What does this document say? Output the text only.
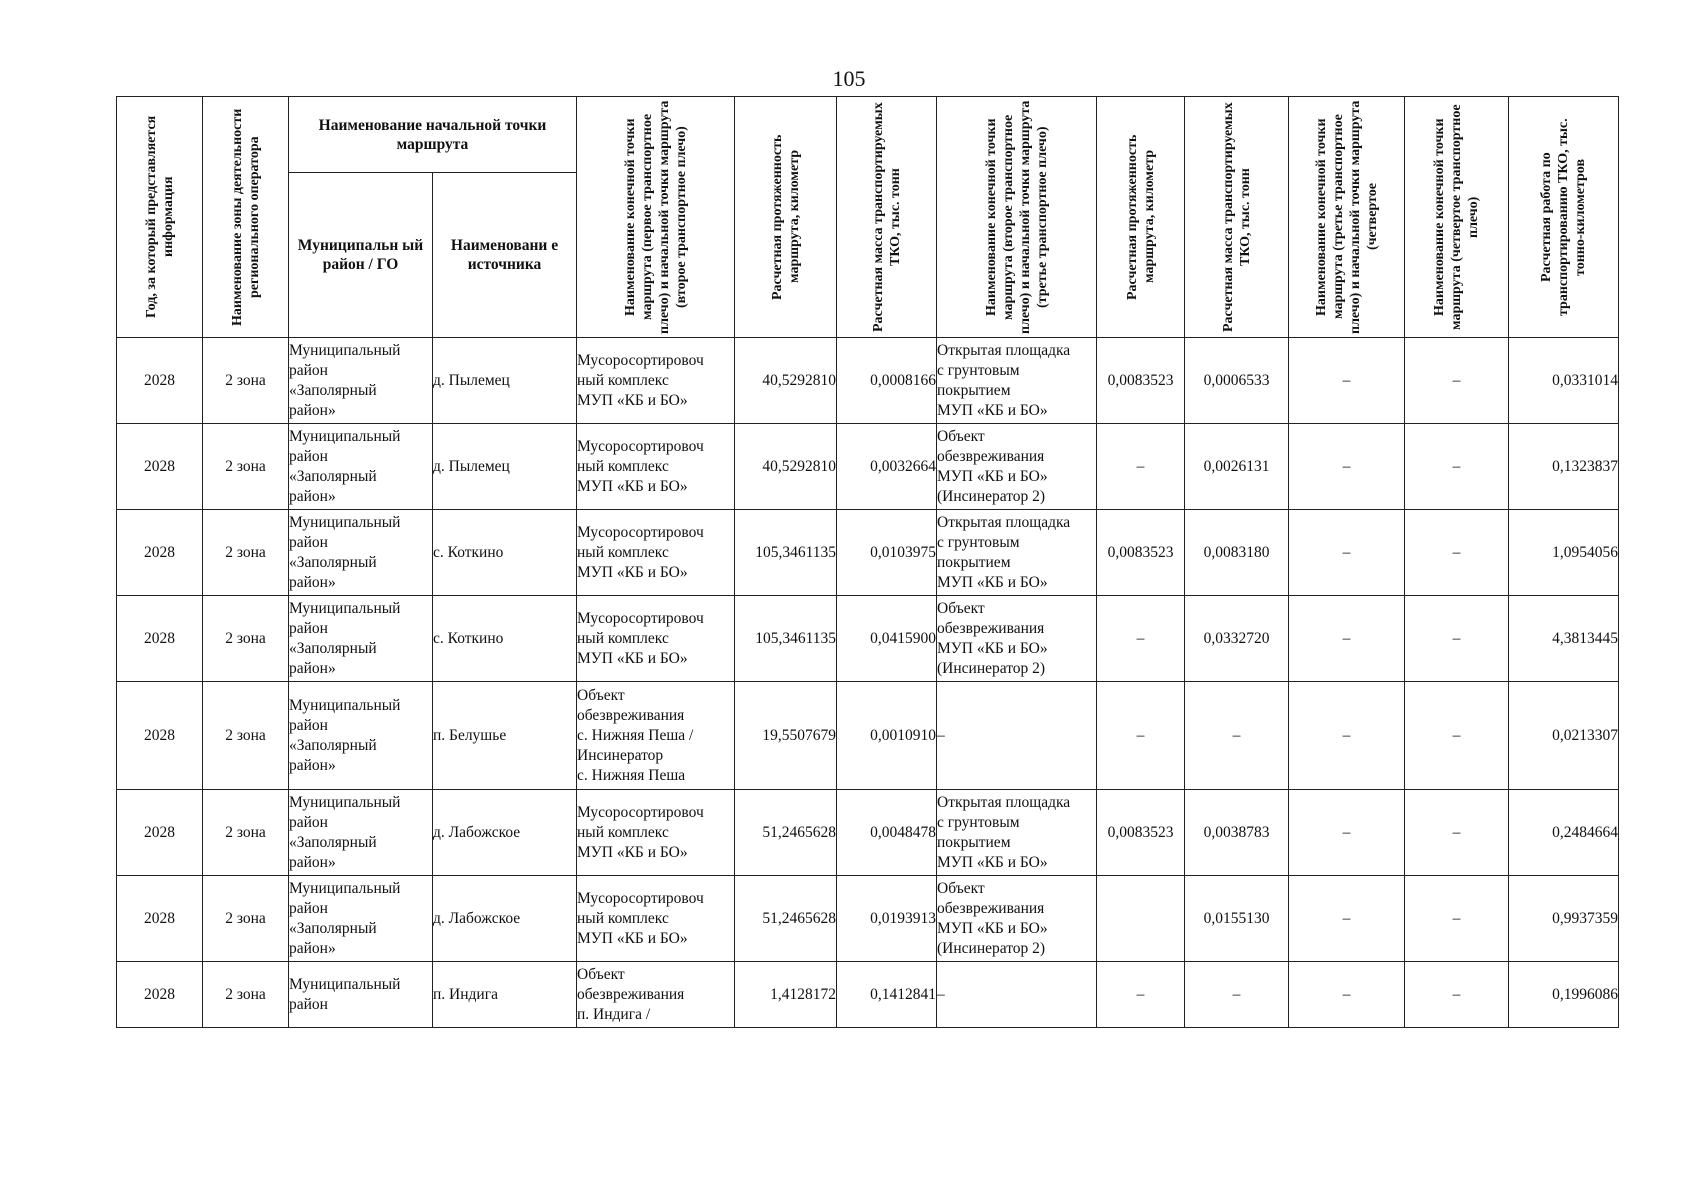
105
Год, за который представляется информация	Наименование зоны деятельности регионального оператора	Наименование начальной точки маршрута		Наименование конечной точки маршрута (первое транспортное плечо) и начальной точки маршрута (второе транспортное плечо)	Расчетная протяженность маршрута, километр	Расчетная масса транспортируемых ТКО, тыс. тонн	Наименование конечной точки маршрута (второе транспортное плечо) и начальной точки маршрута (третье транспортное плечо)	Расчетная протяженность маршрута, километр	Расчетная масса транспортируемых ТКО, тыс. тонн	Наименование конечной точки маршрута (третье транспортное плечо) и начальной точки маршрута (четвертое	Наименование конечной точки маршрута (четвертое транспортное плечо)	Расчетная работа по транспортированию ТКО, тыс. тонно-километров

		Муниципальн ый район / ГО	Наименовани е источника									

2028	2 зона	Муниципальный
район
«Заполярный
район»	д. Пылемец	Мусоросортировоч
ный комплекс
МУП «КБ и БО»	40,5292810	0,0008166	Открытая площадка
с грунтовым
покрытием
МУП «КБ и БО»	0,0083523	0,0006533	–	–	0,0331014

2028	2 зона	Муниципальный
район
«Заполярный
район»	д. Пылемец	Мусоросортировоч
ный комплекс
МУП «КБ и БО»	40,5292810	0,0032664	Объект
обезвреживания
МУП «КБ и БО»
(Инсинератор 2)	–	0,0026131	–	–	0,1323837

2028	2 зона	Муниципальный
район
«Заполярный
район»	с. Коткино	Мусоросортировоч
ный комплекс
МУП «КБ и БО»	105,3461135	0,0103975	Открытая площадка
с грунтовым
покрытием
МУП «КБ и БО»	0,0083523	0,0083180	–	–	1,0954056

2028	2 зона	Муниципальный
район
«Заполярный
район»	с. Коткино	Мусоросортировоч
ный комплекс
МУП «КБ и БО»	105,3461135	0,0415900	Объект
обезвреживания
МУП «КБ и БО»
(Инсинератор 2)	–	0,0332720	–	–	4,3813445

2028	2 зона	Муниципальный
район
«Заполярный
район»	п. Белушье	Объект
обезвреживания
с. Нижняя Пеша /
Инсинератор
с. Нижняя Пеша	19,5507679	0,0010910	–	–	–	–	–	0,0213307

2028	2 зона	Муниципальный
район
«Заполярный
район»	д. Лабожское	Мусоросортировоч
ный комплекс
МУП «КБ и БО»	51,2465628	0,0048478	Открытая площадка
с грунтовым
покрытием
МУП «КБ и БО»	0,0083523	0,0038783	–	–	0,2484664

2028	2 зона	Муниципальный
район
«Заполярный
район»	д. Лабожское	Мусоросортировоч
ный комплекс
МУП «КБ и БО»	51,2465628	0,0193913	Объект
обезвреживания
МУП «КБ и БО»
(Инсинератор 2)		0,0155130	–	–	0,9937359

2028	2 зона	Муниципальный
район	п. Индига	Объект
обезвреживания
п. Индига /	1,4128172	0,1412841	–	–	–	–	–	0,1996086
